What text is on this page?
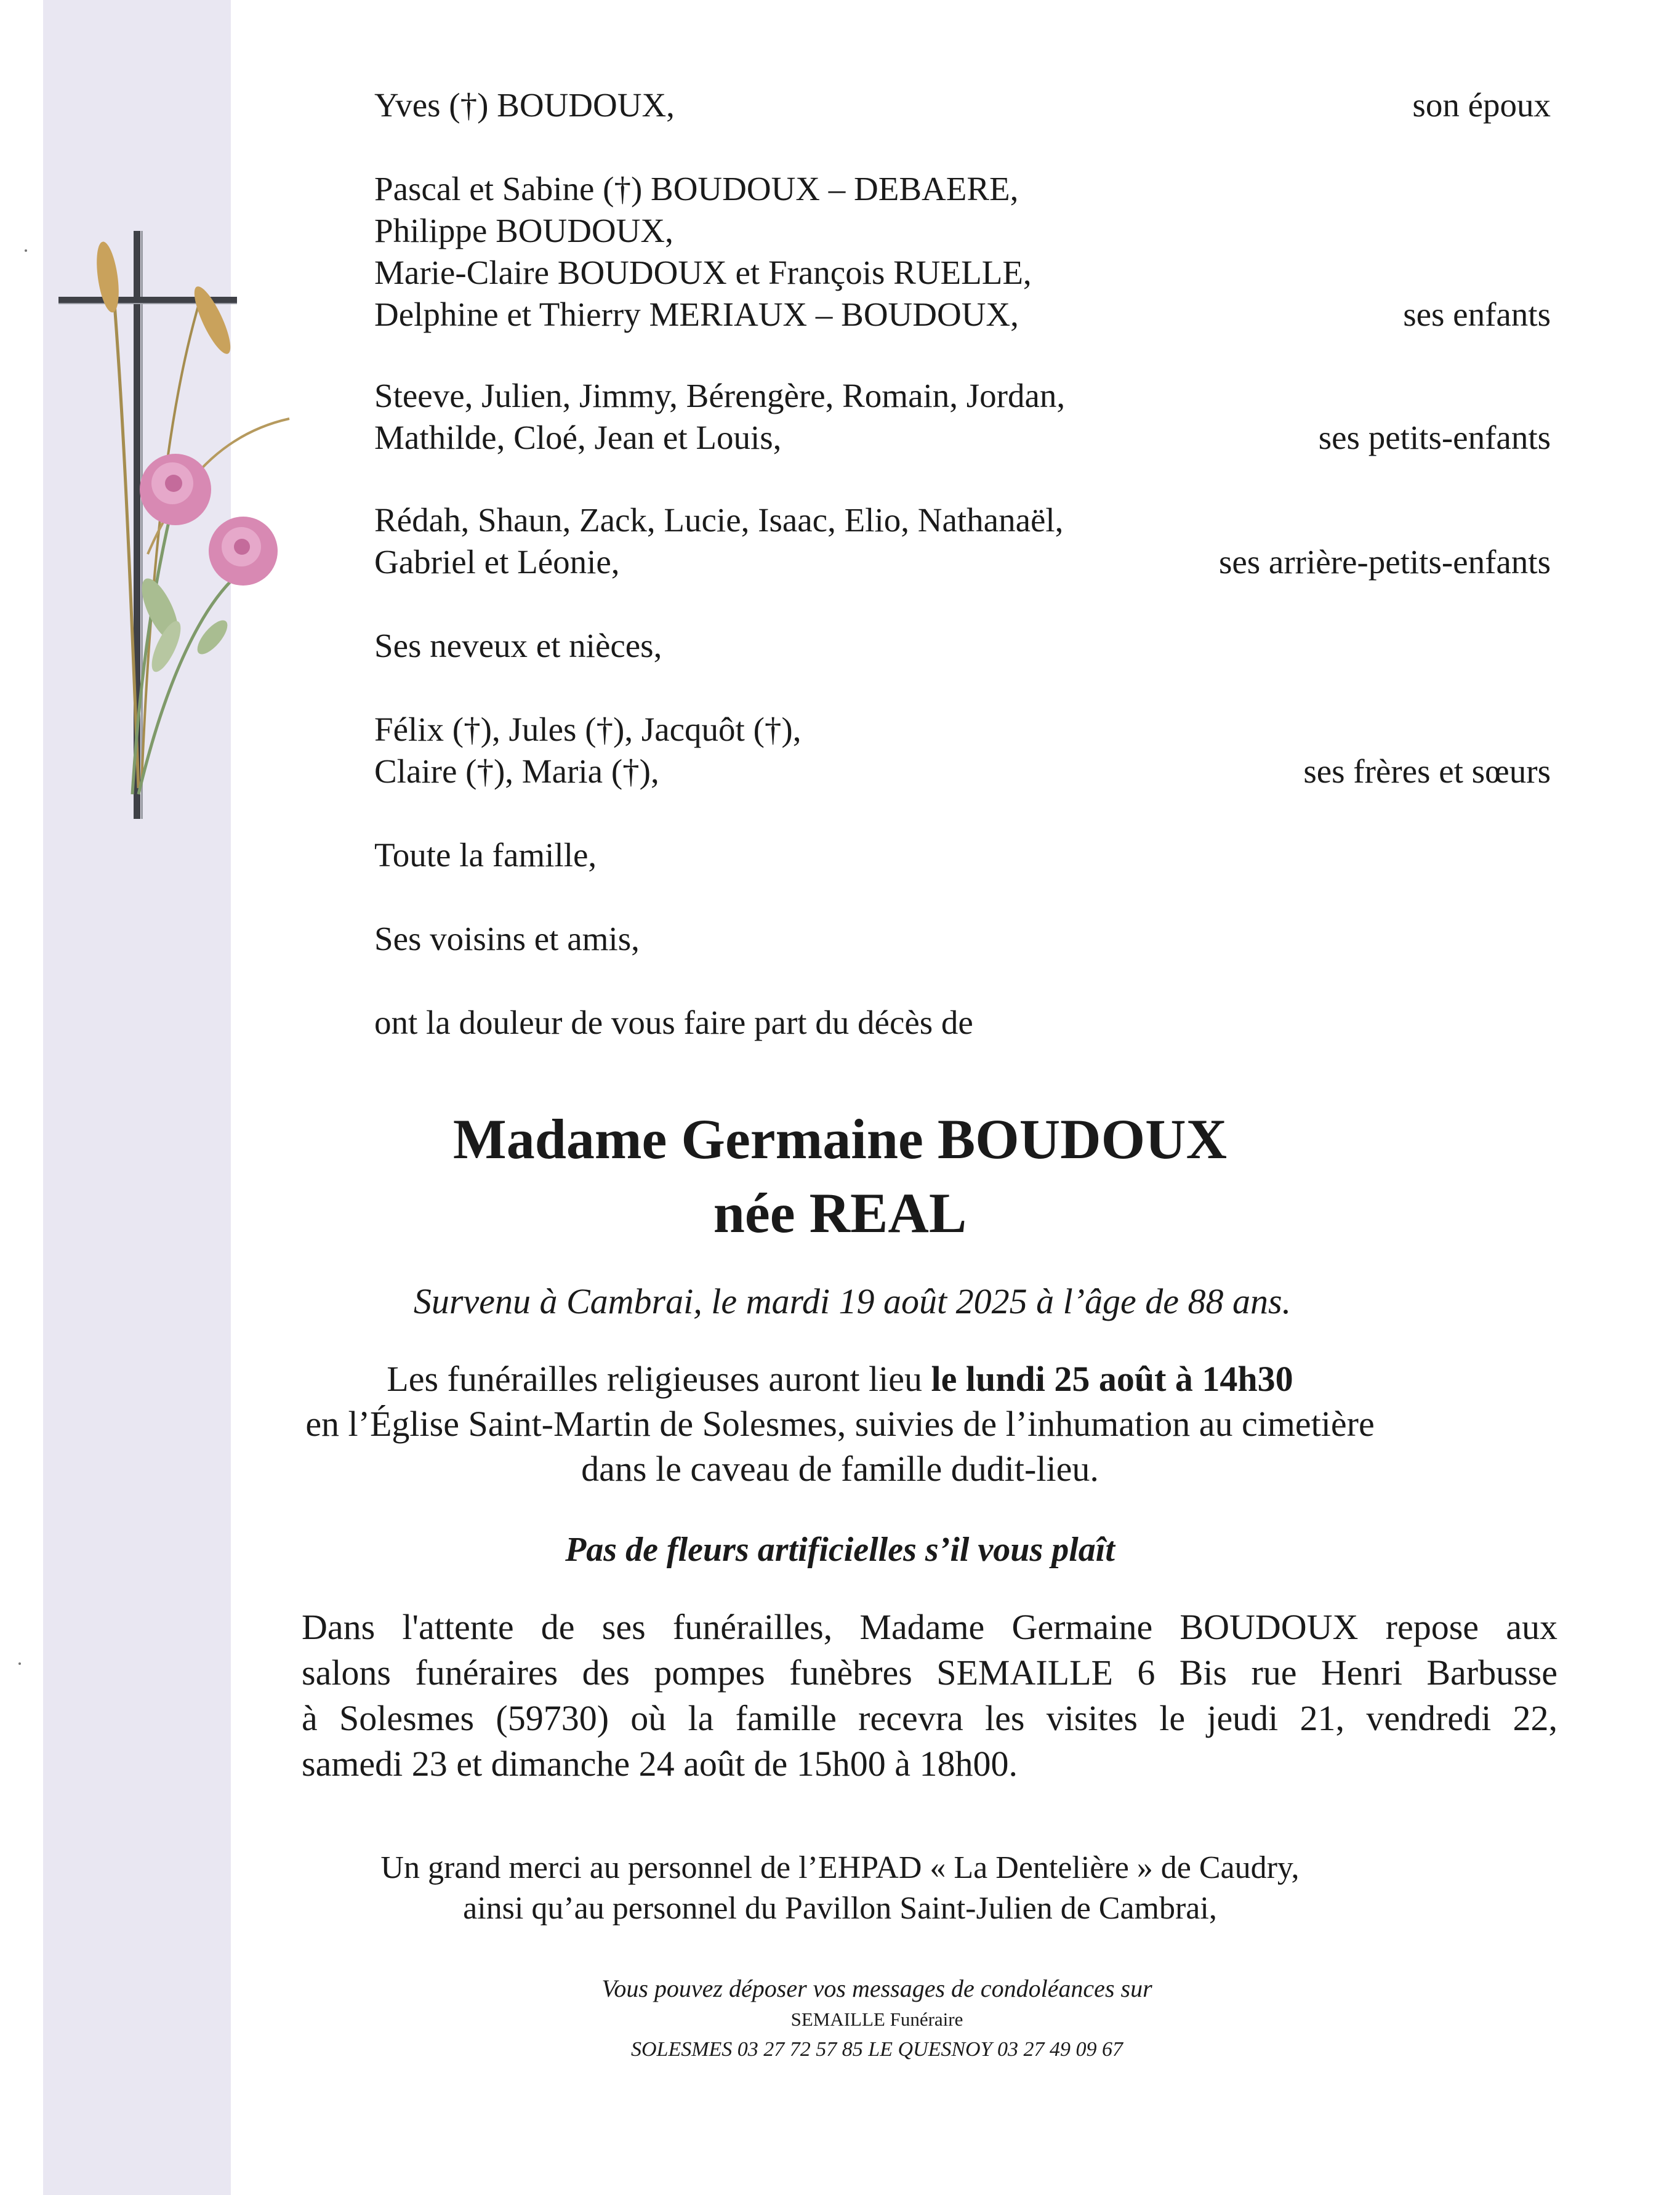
Yves (†) BOUDOUX,	son époux
Pascal et Sabine (†) BOUDOUX – DEBAERE,
Philippe BOUDOUX,
Marie-Claire BOUDOUX et François RUELLE,
Delphine et Thierry MERIAUX – BOUDOUX,	ses enfants
Steeve, Julien, Jimmy, Bérengère, Romain, Jordan,
Mathilde, Cloé, Jean et Louis,	ses petits-enfants
Rédah, Shaun, Zack, Lucie, Isaac, Elio, Nathanaël,
Gabriel et Léonie,	ses arrière-petits-enfants
Ses neveux et nièces,
Félix (†), Jules (†), Jacquôt (†),
Claire (†), Maria (†),	ses frères et sœurs
Toute la famille,
Ses voisins et amis,
ont la douleur de vous faire part du décès de
Madame Germaine BOUDOUX
née REAL
Survenu à Cambrai, le mardi 19 août 2025 à l’âge de 88 ans.
Les funérailles religieuses auront lieu le lundi 25 août à 14h30
en l’Église Saint-Martin de Solesmes, suivies de l’inhumation au cimetière
dans le caveau de famille dudit-lieu.
Pas de fleurs artificielles s’il vous plaît
Dans l'attente de ses funérailles, Madame Germaine BOUDOUX repose aux
salons funéraires des pompes funèbres SEMAILLE 6 Bis rue Henri Barbusse
à Solesmes (59730) où la famille recevra les visites le jeudi 21, vendredi 22,
samedi 23 et dimanche 24 août de 15h00 à 18h00.
Un grand merci au personnel de l’EHPAD « La Dentelière » de Caudry,
ainsi qu’au personnel du Pavillon Saint-Julien de Cambrai,
Vous pouvez déposer vos messages de condoléances sur
SEMAILLE Funéraire
SOLESMES 03 27 72 57 85 LE QUESNOY 03 27 49 09 67
